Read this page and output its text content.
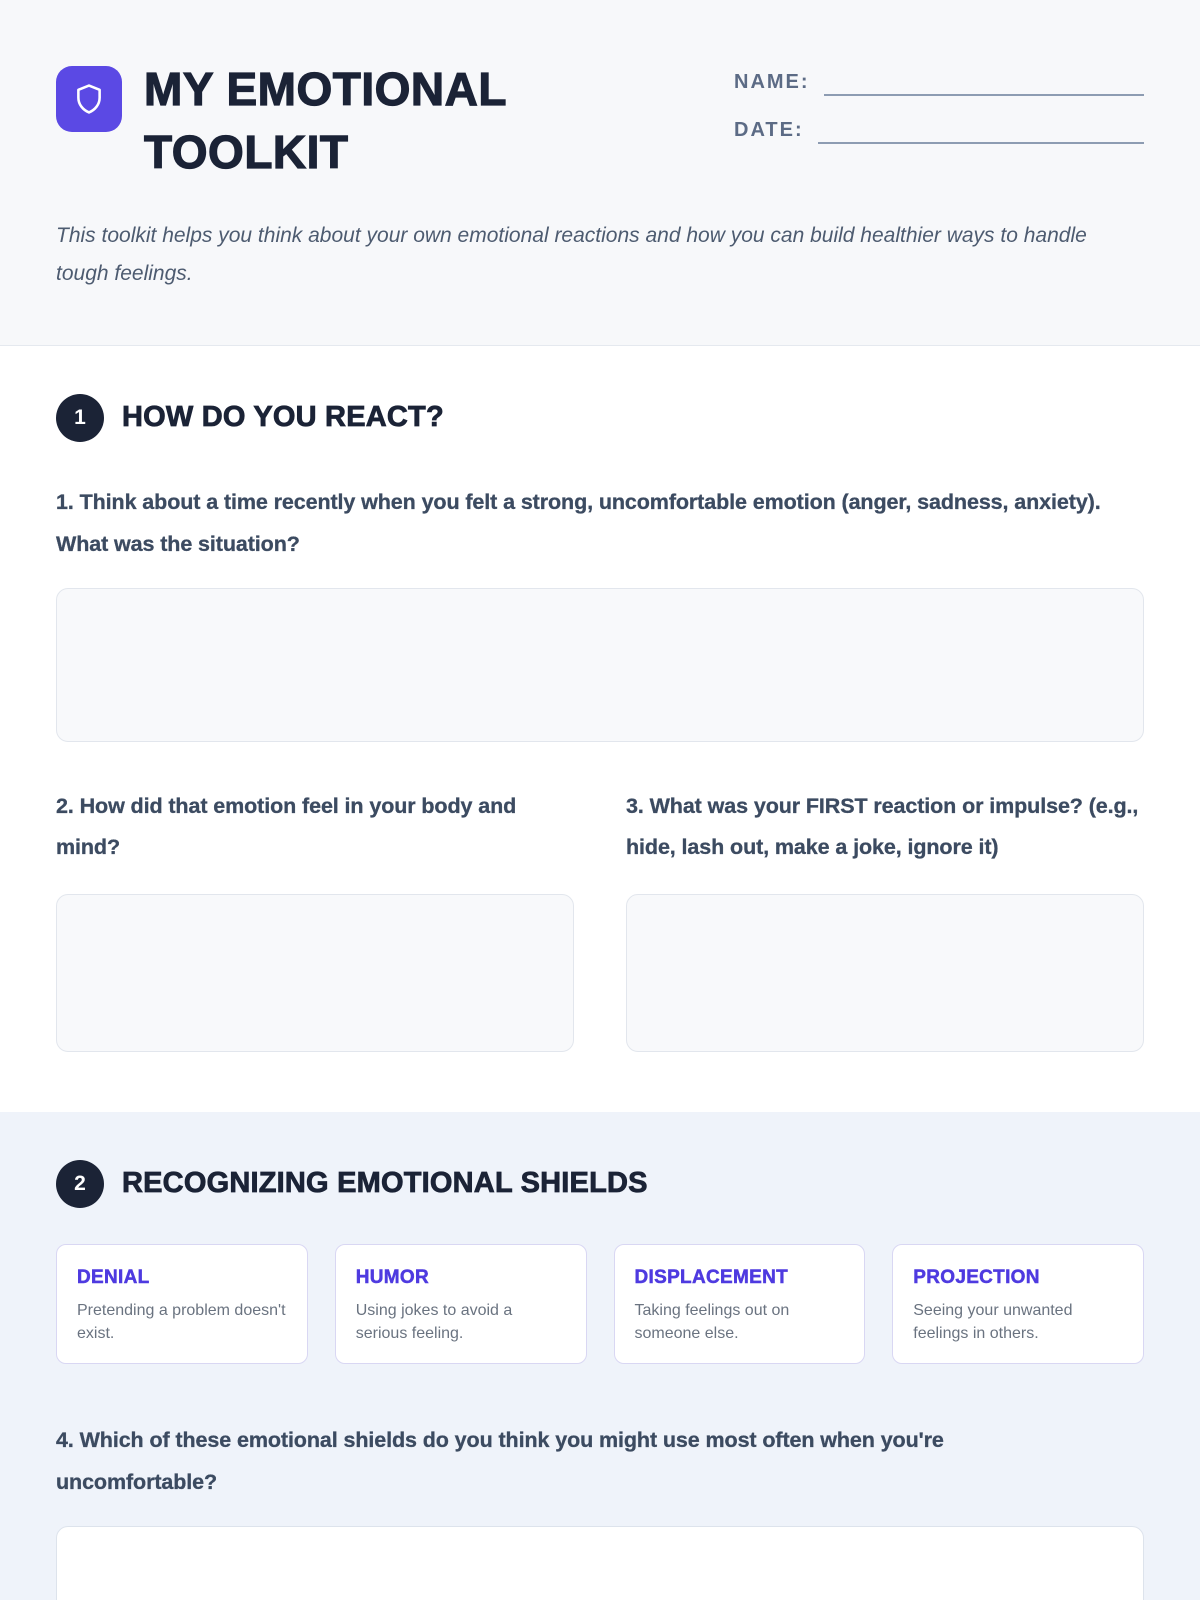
MY EMOTIONAL
TOOLKIT
NAME:
DATE:

This toolkit helps you think about your own emotional reactions and how you can build healthier ways to handle tough feelings.

1	HOW DO YOU REACT?

1. Think about a time recently when you felt a strong, uncomfortable emotion (anger, sadness, anxiety). What was the situation?

2. How did that emotion feel in your body and mind?

3. What was your FIRST reaction or impulse? (e.g., hide, lash out, make a joke, ignore it)

2	RECOGNIZING EMOTIONAL SHIELDS
DENIAL
Pretending a problem doesn't exist.
HUMOR
Using jokes to avoid a serious feeling.
DISPLACEMENT
Taking feelings out on someone else.
PROJECTION
Seeing your unwanted feelings in others.

4. Which of these emotional shields do you think you might use most often when you're uncomfortable?
